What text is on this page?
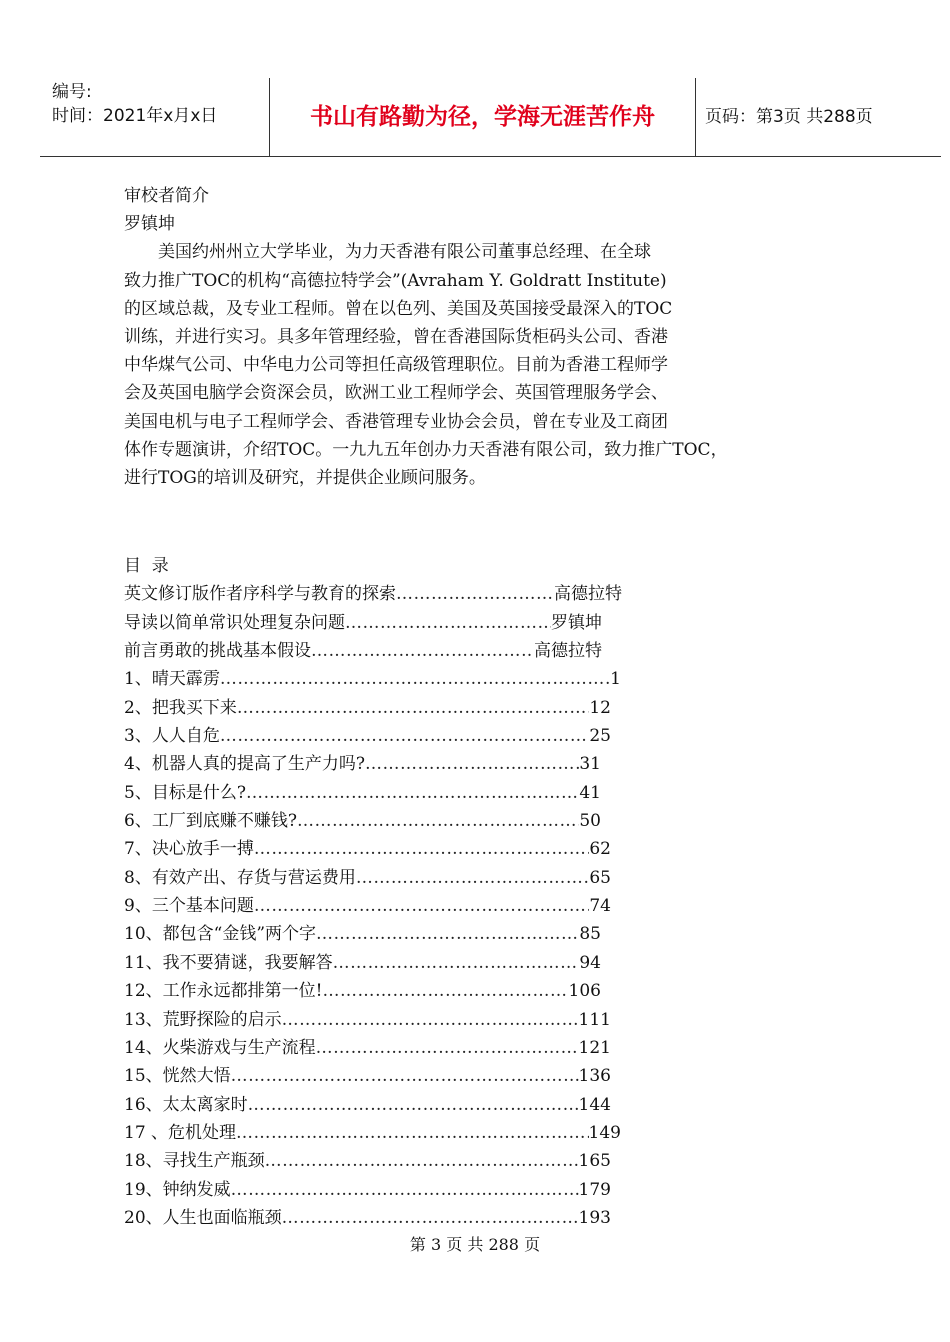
编号:
时间：2021年x月x日	书山有路勤为径，学海无涯苦作舟	页码：第3页 共288页
审校者简介
罗镇坤
美国约州州立大学毕业，为力天香港有限公司董事总经理、在全球
致力推广TOC的机构“高德拉特学会”(Avraham Y. Goldratt Institute)
的区域总裁，及专业工程师。曾在以色列、美国及英国接受最深入的TOC
训练，并进行实习。具多年管理经验，曾在香港国际货柜码头公司、香港
中华煤气公司、中华电力公司等担任高级管理职位。目前为香港工程师学
会及英国电脑学会资深会员，欧洲工业工程师学会、英国管理服务学会、
美国电机与电子工程师学会、香港管理专业协会会员，曾在专业及工商团
体作专题演讲，介绍TOC。一九九五年创办力天香港有限公司，致力推广TOC，
进行TOG的培训及研究，并提供企业顾问服务。
目  录
英文修订版作者序科学与教育的探索 …………………………………………………………………………………………………………………………	高德拉特
导读以简单常识处理复杂问题 …………………………………………………………………………………………………………………………	罗镇坤
前言勇敢的挑战基本假设 …………………………………………………………………………………………………………………………	高德拉特
1、晴天霹雳 …………………………………………………………………………………………………………………………	1
2、把我买下来 …………………………………………………………………………………………………………………………	12
3、人人自危 …………………………………………………………………………………………………………………………	25
4、机器人真的提高了生产力吗? …………………………………………………………………………………………………………………………	31
5、目标是什么? …………………………………………………………………………………………………………………………	41
6、工厂到底赚不赚钱? …………………………………………………………………………………………………………………………	50
7、决心放手一搏 …………………………………………………………………………………………………………………………	62
8、有效产出、存货与营运费用 …………………………………………………………………………………………………………………………	65
9、三个基本问题 …………………………………………………………………………………………………………………………	74
10、都包含“金钱”两个字 …………………………………………………………………………………………………………………………	85
11、我不要猜谜，我要解答 …………………………………………………………………………………………………………………………	94
12、工作永远都排第一位! …………………………………………………………………………………………………………………………	106
13、荒野探险的启示 …………………………………………………………………………………………………………………………	111
14、火柴游戏与生产流程 …………………………………………………………………………………………………………………………	121
15、恍然大悟 …………………………………………………………………………………………………………………………	136
16、太太离家时 …………………………………………………………………………………………………………………………	144
17 、危机处理 …………………………………………………………………………………………………………………………	149
18、寻找生产瓶颈 …………………………………………………………………………………………………………………………	165
19、钟纳发威 …………………………………………………………………………………………………………………………	179
20、人生也面临瓶颈 …………………………………………………………………………………………………………………………	193
第 3 页 共 288 页
